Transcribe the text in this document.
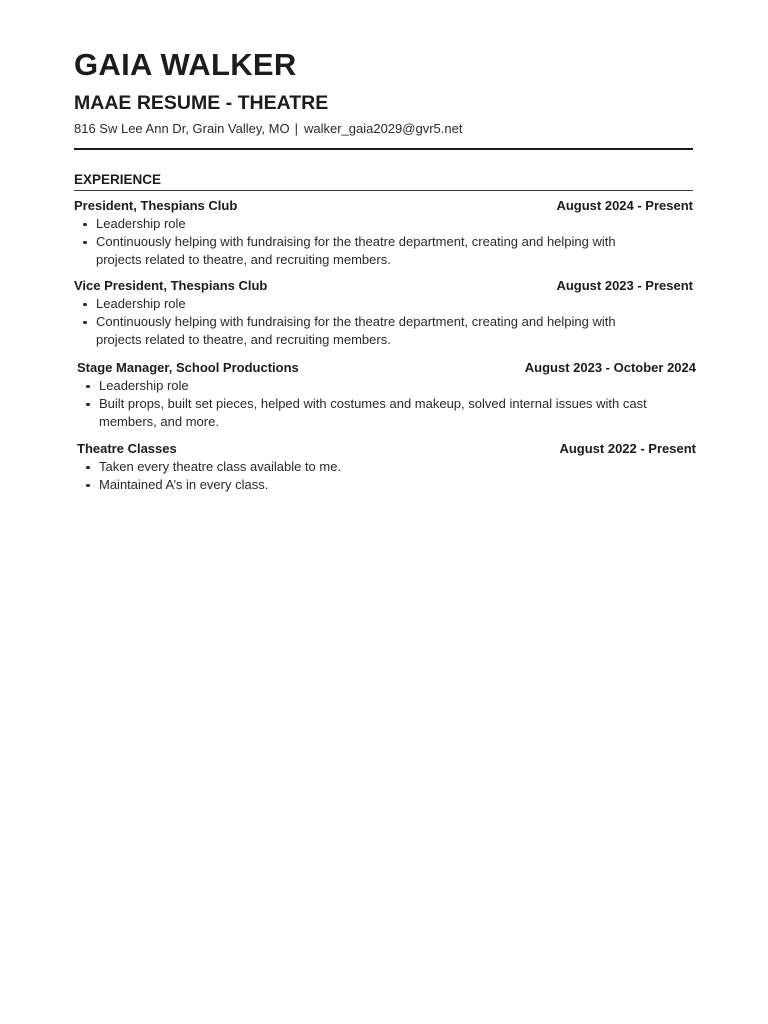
GAIA WALKER
MAAE RESUME - THEATRE
816 Sw Lee Ann Dr, Grain Valley, MO | walker_gaia2029@gvr5.net
EXPERIENCE
President, Thespians Club	August 2024 - Present
Leadership role
Continuously helping with fundraising for the theatre department, creating and helping with projects related to theatre, and recruiting members.
Vice President, Thespians Club	August 2023 - Present
Leadership role
Continuously helping with fundraising for the theatre department, creating and helping with projects related to theatre, and recruiting members.
Stage Manager, School Productions	August 2023 - October 2024
Leadership role
Built props, built set pieces, helped with costumes and makeup, solved internal issues with cast members, and more.
Theatre Classes	August 2022 - Present
Taken every theatre class available to me.
Maintained A’s in every class.
